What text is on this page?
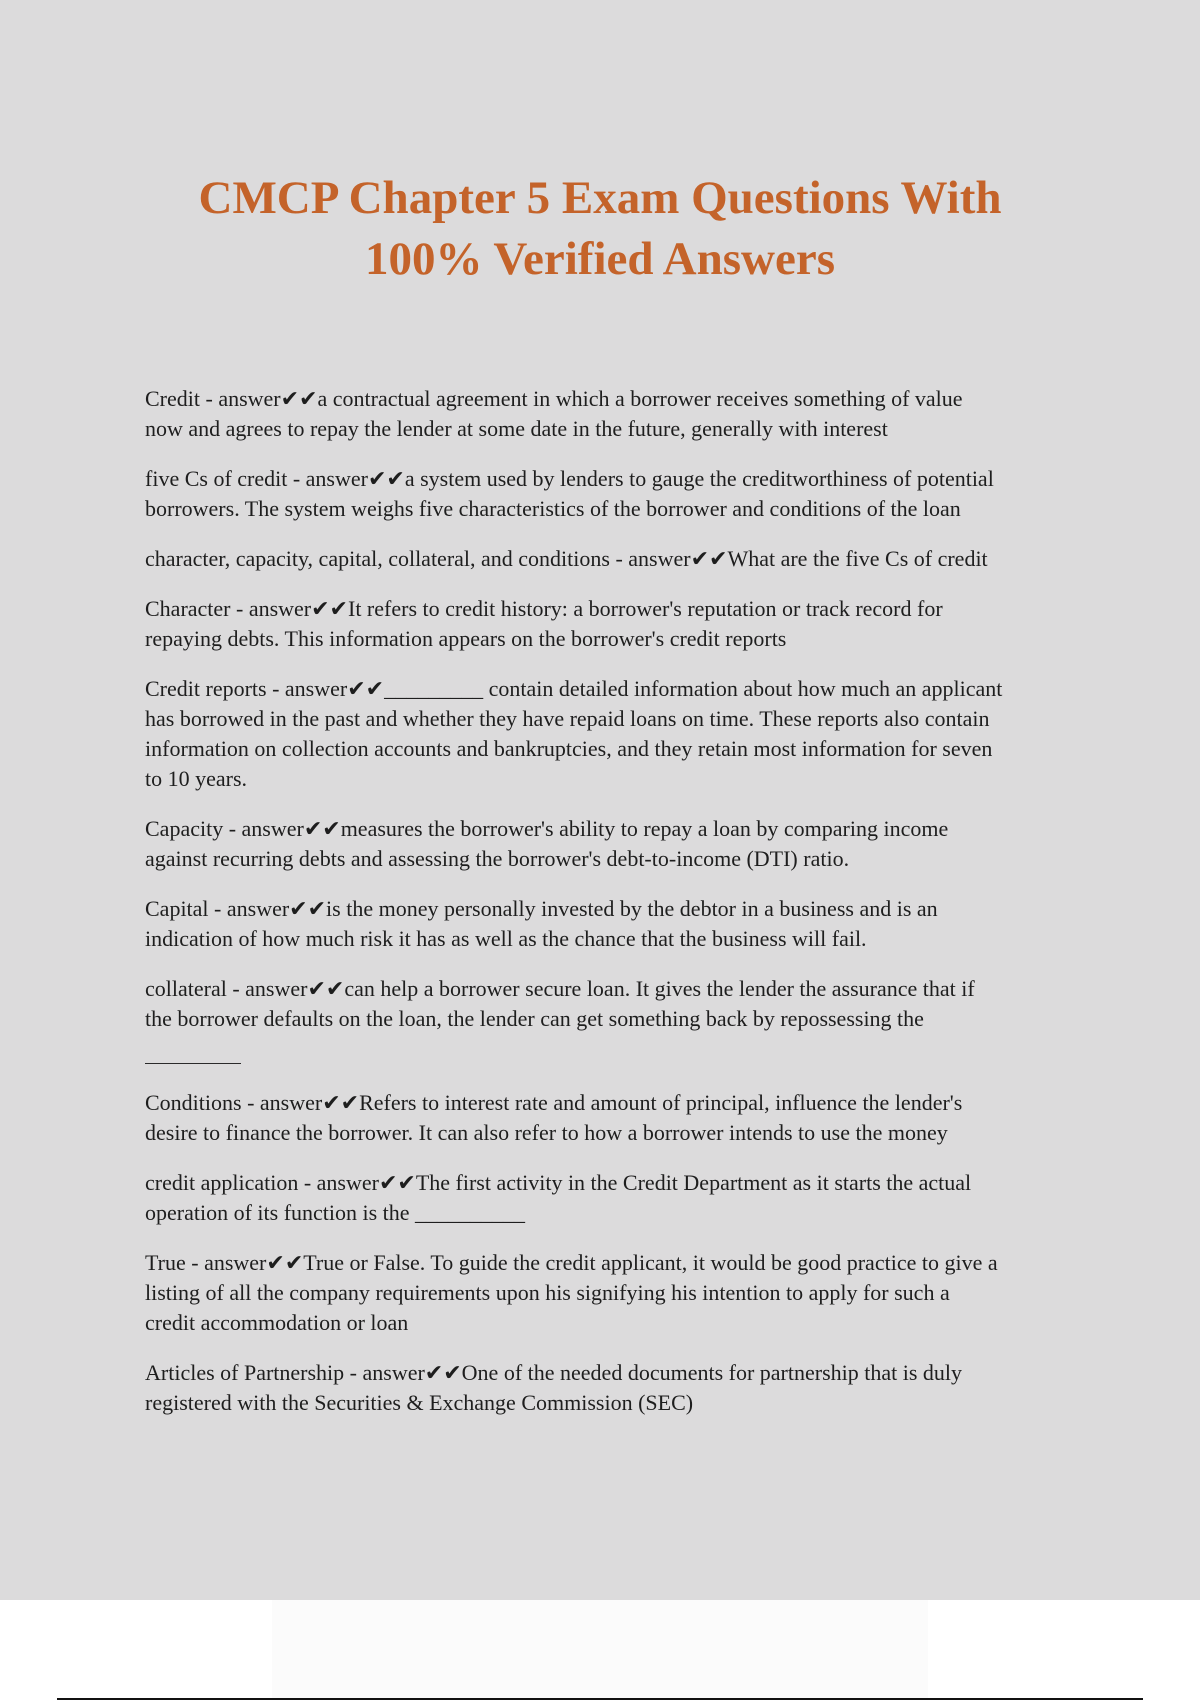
CMCP Chapter 5 Exam Questions With
100% Verified Answers

Credit - answer✔✔a contractual agreement in which a borrower receives something of value
now and agrees to repay the lender at some date in the future, generally with interest

five Cs of credit - answer✔✔a system used by lenders to gauge the creditworthiness of potential
borrowers. The system weighs five characteristics of the borrower and conditions of the loan

character, capacity, capital, collateral, and conditions - answer✔✔What are the five Cs of credit

Character - answer✔✔It refers to credit history: a borrower's reputation or track record for
repaying debts. This information appears on the borrower's credit reports

Credit reports - answer✔✔_________ contain detailed information about how much an applicant
has borrowed in the past and whether they have repaid loans on time. These reports also contain
information on collection accounts and bankruptcies, and they retain most information for seven
to 10 years.

Capacity - answer✔✔measures the borrower's ability to repay a loan by comparing income
against recurring debts and assessing the borrower's debt-to-income (DTI) ratio.

Capital - answer✔✔is the money personally invested by the debtor in a business and is an
indication of how much risk it has as well as the chance that the business will fail.

collateral - answer✔✔can help a borrower secure loan. It gives the lender the assurance that if
the borrower defaults on the loan, the lender can get something back by repossessing the

Conditions - answer✔✔Refers to interest rate and amount of principal, influence the lender's
desire to finance the borrower. It can also refer to how a borrower intends to use the money

credit application - answer✔✔The first activity in the Credit Department as it starts the actual
operation of its function is the __________

True - answer✔✔True or False. To guide the credit applicant, it would be good practice to give a
listing of all the company requirements upon his signifying his intention to apply for such a
credit accommodation or loan

Articles of Partnership - answer✔✔One of the needed documents for partnership that is duly
registered with the Securities & Exchange Commission (SEC)
